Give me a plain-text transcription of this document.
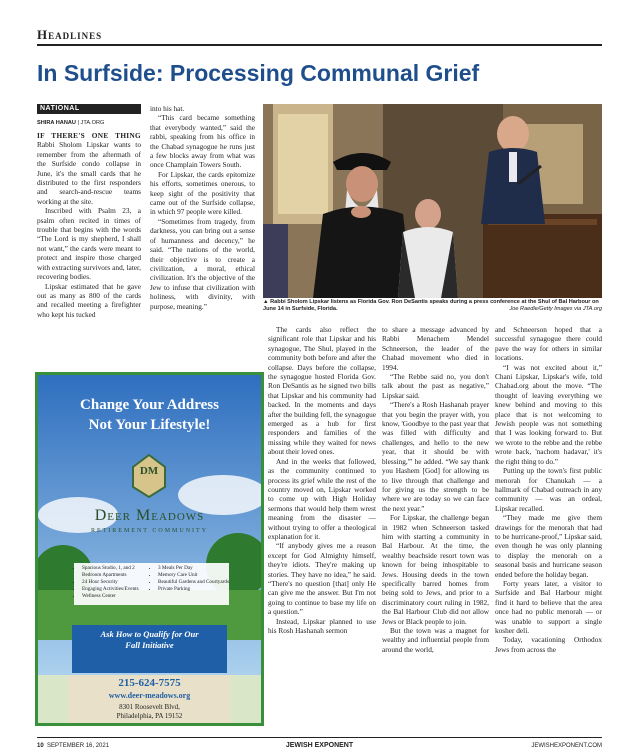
Headlines
In Surfside: Processing Communal Grief
NATIONAL
SHIRA HANAU | JTA.ORG

IF THERE'S ONE THING Rabbi Sholom Lipskar wants to remember from the aftermath of the Surfside condo collapse in June, it's the small cards that he distributed to the first responders and search-and-rescue teams working at the site.

Inscribed with Psalm 23, a psalm often recited in times of trouble that begins with the words “The Lord is my shepherd, I shall not want,” the cards were meant to protect and inspire those charged with extracting survivors and, later, recovering bodies.

Lipskar estimated that he gave out as many as 800 of the cards and recalled meeting a firefighter who kept his tucked

into his hat.

“This card became something that everybody wanted,” said the rabbi, speaking from his office in the Chabad synagogue he runs just a few blocks away from what was once Champlain Towers South.

For Lipskar, the cards epitomize his efforts, sometimes onerous, to keep sight of the positivity that came out of the Surfside collapse, in which 97 people were killed.

“Sometimes from tragedy, from darkness, you can bring out a sense of humanness and decency,” he said. “The nations of the world, their objective is to create a civilization, a moral, ethical civilization. It's the objective of the Jew to infuse that civilization with holiness, with divinity, with purpose, meaning.”	▲ Rabbi Sholom Lipskar listens as Florida Gov. Ron DeSantis speaks during a press conference at the Shul of Bal Harbour on June 14 in Surfside, Florida.	Joe Raedle/Getty Images via JTA.org

The cards also reflect the significant role that Lipskar and his synagogue, The Shul, played in the community both before and after the collapse. Days before the collapse, the synagogue hosted Florida Gov. Ron DeSantis as he signed two bills that Lipskar and his community had backed. In the moments and days after the building fell, the synagogue emerged as a hub for first responders and families of the missing while they waited for news about their loved ones.

And in the weeks that followed, as the community continued to process its grief while the rest of the country moved on, Lipskar worked to come up with High Holiday sermons that would help them wrest meaning from the disaster — without trying to offer a theological explanation for it.

“If anybody gives me a reason except for God Almighty himself, they're idiots. They're making up stories. They have no idea,” he said. “There's no question [that] only He can give me the answer. But I'm not going to continue to base my life on a question.”

Instead, Lipskar planned to use his Rosh Hashanah sermon

to share a message advanced by Rabbi Menachem Mendel Schneerson, the leader of the Chabad movement who died in 1994.

“The Rebbe said no, you don't talk about the past as negative,” Lipskar said.

“There's a Rosh Hashanah prayer that you begin the prayer with, you know, 'Goodbye to the past year that was filled with difficulty and challenges, and hello to the new year, that it should be with blessing,'” he added. “We say thank you Hashem [God] for allowing us to live through that challenge and for giving us the strength to be where we are today so we can face the next year.”

For Lipskar, the challenge began in 1982 when Schneerson tasked him with starting a community in Bal Harbour. At the time, the wealthy beachside resort town was known for being inhospitable to Jews. Housing deeds in the town specifically barred homes from being sold to Jews, and prior to a discriminatory court ruling in 1982, the Bal Harbour Club did not allow Jews or Black people to join.

But the town was a magnet for wealthy and influential people from around the world,

and Schneerson hoped that a successful synagogue there could pave the way for others in similar locations.

“I was not excited about it,” Chani Lipskar, Lipskar's wife, told Chabad.org about the move. “The thought of leaving everything we knew behind and moving to this place that is not welcoming to Jewish people was not something that I was looking forward to. But we wrote to the rebbe and the rebbe wrote back, 'nachom hadavar,' it's the right thing to do.”

Putting up the town's first public menorah for Chanukah — a hallmark of Chabad outreach in any community — was an ordeal, Lipskar recalled.

“They made me give them drawings for the menorah that had to be hurricane-proof,” Lipskar said, even though he was only planning to display the menorah on a seasonal basis and hurricane season ended before the holiday began.

Forty years later, a visitor to Surfside and Bal Harbour might find it hard to believe that the area once had no public menorah — or was unable to support a single kosher deli.

Today, vacationing Orthodox Jews from across the

Change Your Address
Not Your Lifestyle!
DM
Deer Meadows
RETIREMENT COMMUNITY
• Spacious Studio, 1, and 2 Bedroom Apartments
• 24 Hour Security
• Engaging Activities/Events
• Wellness Center
• 3 Meals Per Day
• Memory Care Unit
• Beautiful Gardens and Courtyards
• Private Parking
Ask How to Qualify for Our
Fall Initiative
215-624-7575
www.deer-meadows.org
8301 Roosevelt Blvd,
Philadelphia, PA 19152
10 SEPTEMBER 16, 2021	JEWISH EXPONENT	JEWISHEXPONENT.COM
